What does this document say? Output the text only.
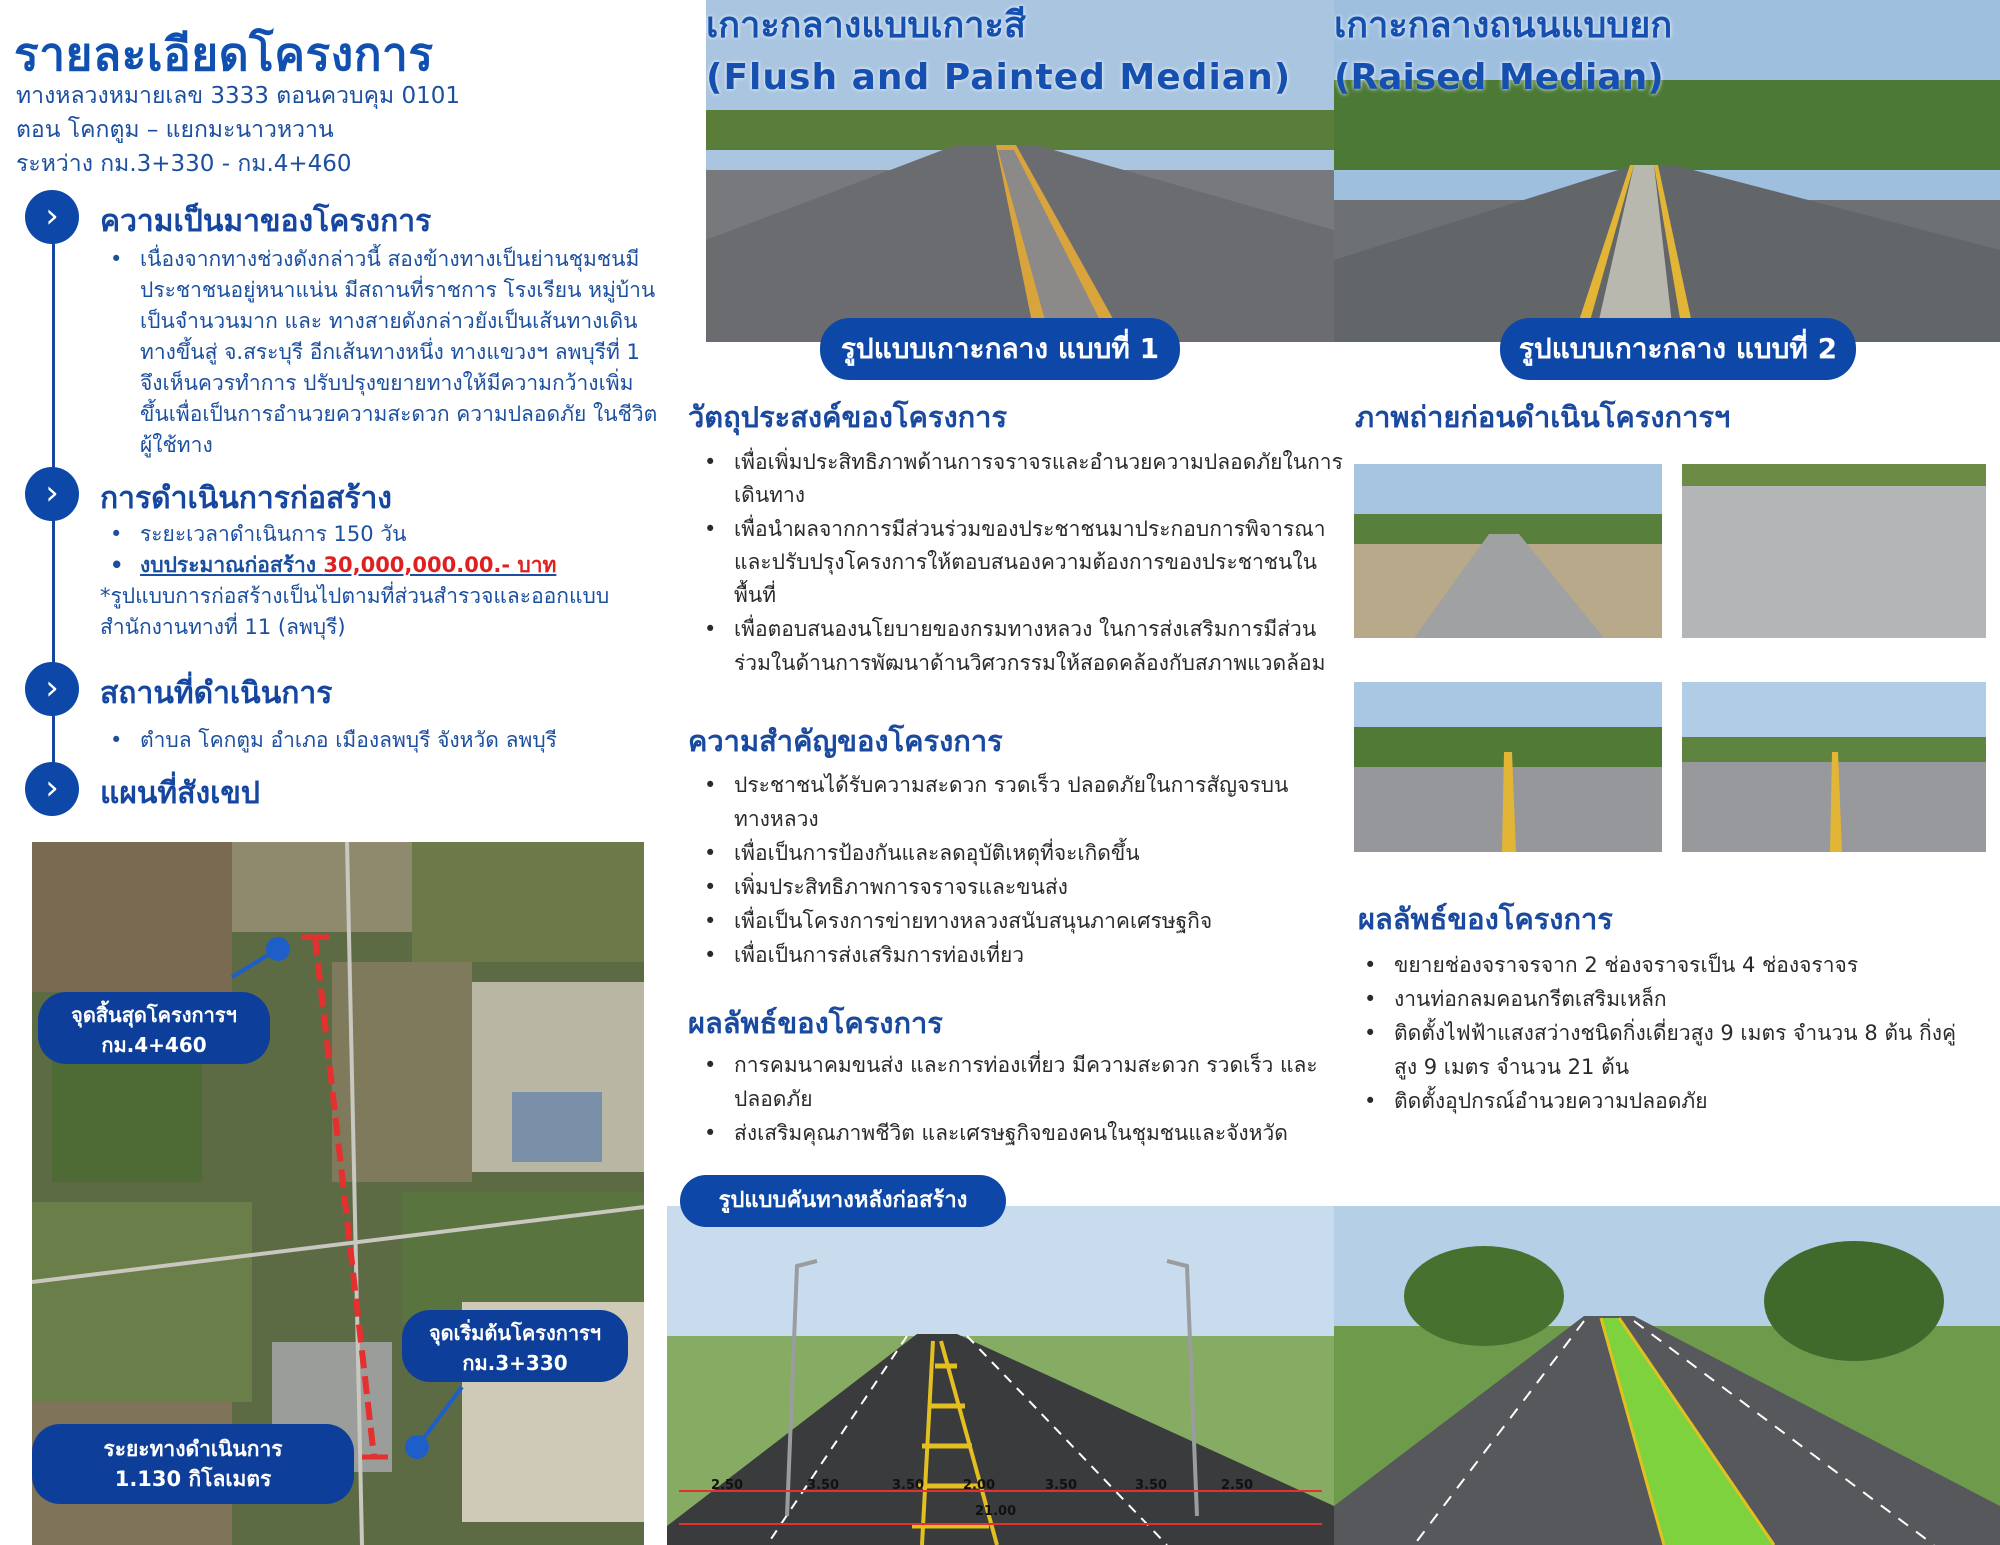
รายละเอียดโครงการ
ทางหลวงหมายเลข 3333 ตอนควบคุม 0101
ตอน โคกตูม – แยกมะนาวหวาน
ระหว่าง กม.3+330 - กม.4+460
›	ความเป็นมาของโครงการ
• เนื่องจากทางช่วงดังกล่าวนี้ สองข้างทางเป็นย่านชุมชนมี
ประชาชนอยู่หนาแน่น มีสถานที่ราชการ โรงเรียน หมู่บ้าน
เป็นจำนวนมาก และ ทางสายดังกล่าวยังเป็นเส้นทางเดิน
ทางขึ้นสู่ จ.สระบุรี อีกเส้นทางหนึ่ง ทางแขวงฯ ลพบุรีที่ 1
จึงเห็นควรทำการ ปรับปรุงขยายทางให้มีความกว้างเพิ่ม
ขึ้นเพื่อเป็นการอำนวยความสะดวก ความปลอดภัย ในชีวิต
ผู้ใช้ทาง
›	การดำเนินการก่อสร้าง
• ระยะเวลาดำเนินการ 150 วัน
• งบประมาณก่อสร้าง 30,000,000.00.- บาท
*รูปแบบการก่อสร้างเป็นไปตามที่ส่วนสำรวจและออกแบบ
สำนักงานทางที่ 11 (ลพบุรี)
›	สถานที่ดำเนินการ
• ตำบล โคกตูม อำเภอ เมืองลพบุรี จังหวัด ลพบุรี
›	แผนที่สังเขป
จุดสิ้นสุดโครงการฯ
กม.4+460
จุดเริ่มต้นโครงการฯ
กม.3+330
ระยะทางดำเนินการ
1.130 กิโลเมตร
เกาะกลางแบบเกาะสี
(Flush and Painted Median)
เกาะกลางถนนแบบยก
(Raised Median)
รูปแบบเกาะกลาง แบบที่ 1	รูปแบบเกาะกลาง แบบที่ 2
วัตถุประสงค์ของโครงการ
• เพื่อเพิ่มประสิทธิภาพด้านการจราจรและอำนวยความปลอดภัยในการ
เดินทาง
• เพื่อนำผลจากการมีส่วนร่วมของประชาชนมาประกอบการพิจารณา
และปรับปรุงโครงการให้ตอบสนองความต้องการของประชาชนใน
พื้นที่
• เพื่อตอบสนองนโยบายของกรมทางหลวง ในการส่งเสริมการมีส่วน
ร่วมในด้านการพัฒนาด้านวิศวกรรมให้สอดคล้องกับสภาพแวดล้อม
ความสำคัญของโครงการ
• ประชาชนได้รับความสะดวก รวดเร็ว ปลอดภัยในการสัญจรบน
ทางหลวง
• เพื่อเป็นการป้องกันและลดอุบัติเหตุที่จะเกิดขึ้น
• เพิ่มประสิทธิภาพการจราจรและขนส่ง
• เพื่อเป็นโครงการข่ายทางหลวงสนับสนุนภาคเศรษฐกิจ
• เพื่อเป็นการส่งเสริมการท่องเที่ยว
ผลลัพธ์ของโครงการ
• การคมนาคมขนส่ง และการท่องเที่ยว มีความสะดวก รวดเร็ว และ
ปลอดภัย
• ส่งเสริมคุณภาพชีวิต และเศรษฐกิจของคนในชุมชนและจังหวัด
ภาพถ่ายก่อนดำเนินโครงการฯ
ผลลัพธ์ของโครงการ
• ขยายช่องจราจรจาก 2 ช่องจราจรเป็น 4 ช่องจราจร
• งานท่อกลมคอนกรีตเสริมเหล็ก
• ติดตั้งไฟฟ้าแสงสว่างชนิดกิ่งเดี่ยวสูง 9 เมตร จำนวน 8 ต้น กิ่งคู่
สูง 9 เมตร จำนวน 21 ต้น
• ติดตั้งอุปกรณ์อำนวยความปลอดภัย
2.50	3.50	3.50	2.00	3.50	3.50	2.50
21.00
รูปแบบคันทางหลังก่อสร้าง
